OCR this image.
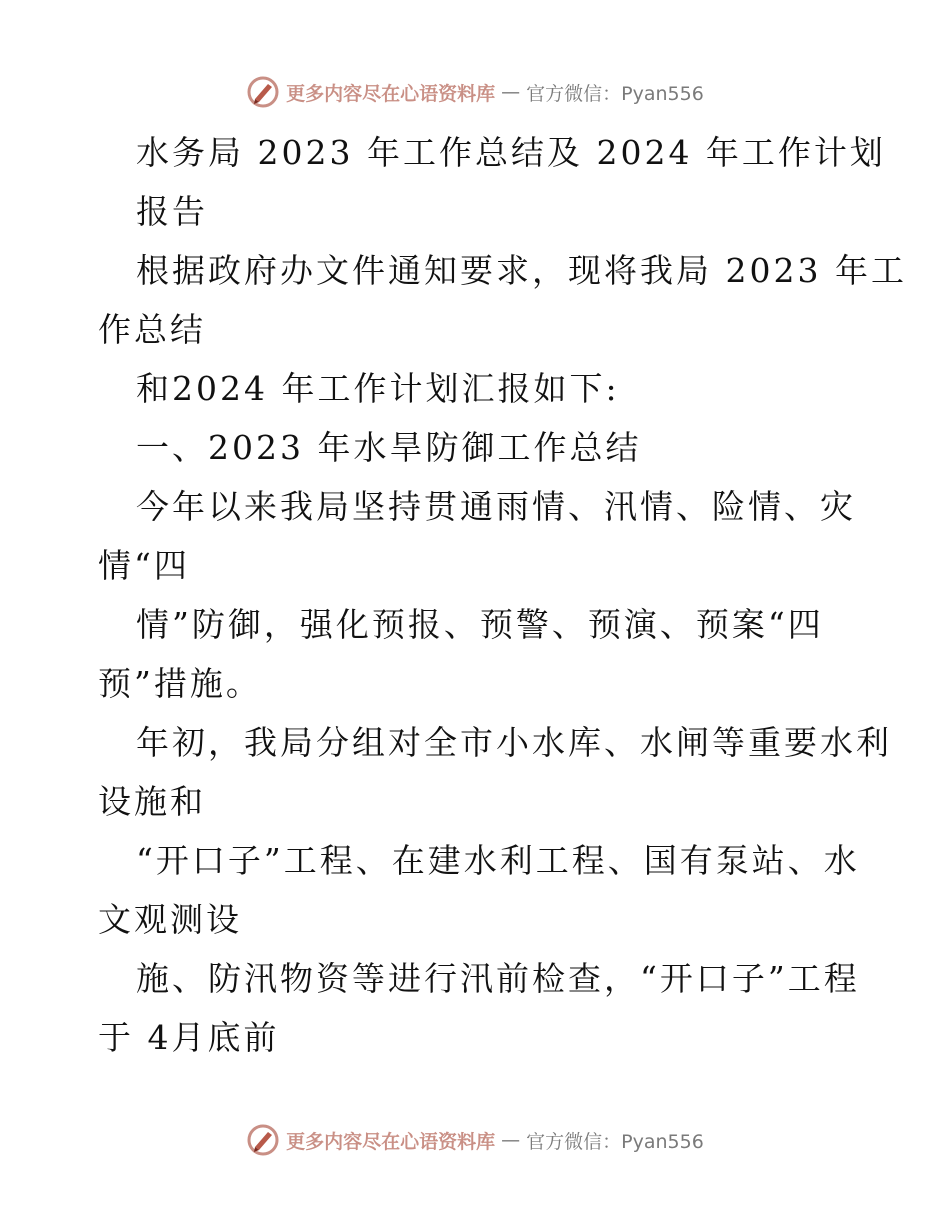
更多内容尽在心语资料库 — 官方微信：Pyan556
水务局 2023 年工作总结及 2024 年工作计划
报告
根据政府办文件通知要求，现将我局 2023 年工
作总结
和2024 年工作计划汇报如下:
一、2023 年水旱防御工作总结
今年以来我局坚持贯通雨情、汛情、险情、灾
情“四
情”防御，强化预报、预警、预演、预案“四
预”措施。
年初，我局分组对全市小水库、水闸等重要水利
设施和
“开口子”工程、在建水利工程、国有泵站、水
文观测设
施、防汛物资等进行汛前检查，“开口子”工程
于 4月底前
更多内容尽在心语资料库 — 官方微信：Pyan556
